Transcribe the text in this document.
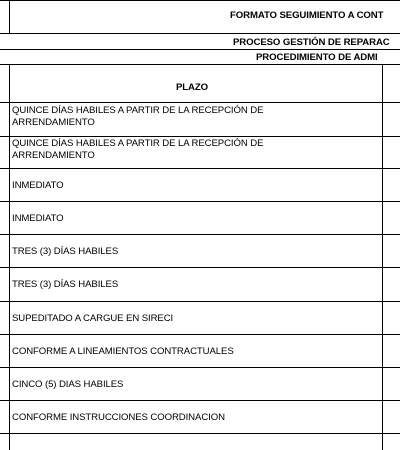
FORMATO SEGUIMIENTO A CONT
PROCESO GESTIÓN DE REPARAC
PROCEDIMIENTO DE ADMI
PLAZO
QUINCE DÍAS HABILES A PARTIR DE LA RECEPCIÓN DE
ARRENDAMIENTO
QUINCE DÍAS HABILES A PARTIR DE LA RECEPCIÓN DE
ARRENDAMIENTO
INMEDIATO
INMEDIATO
TRES (3) DÍAS HABILES
TRES (3) DÍAS HABILES
SUPEDITADO A CARGUE EN SIRECI
CONFORME A LINEAMIENTOS CONTRACTUALES
CINCO (5) DIAS HABILES
CONFORME INSTRUCCIONES COORDINACION
